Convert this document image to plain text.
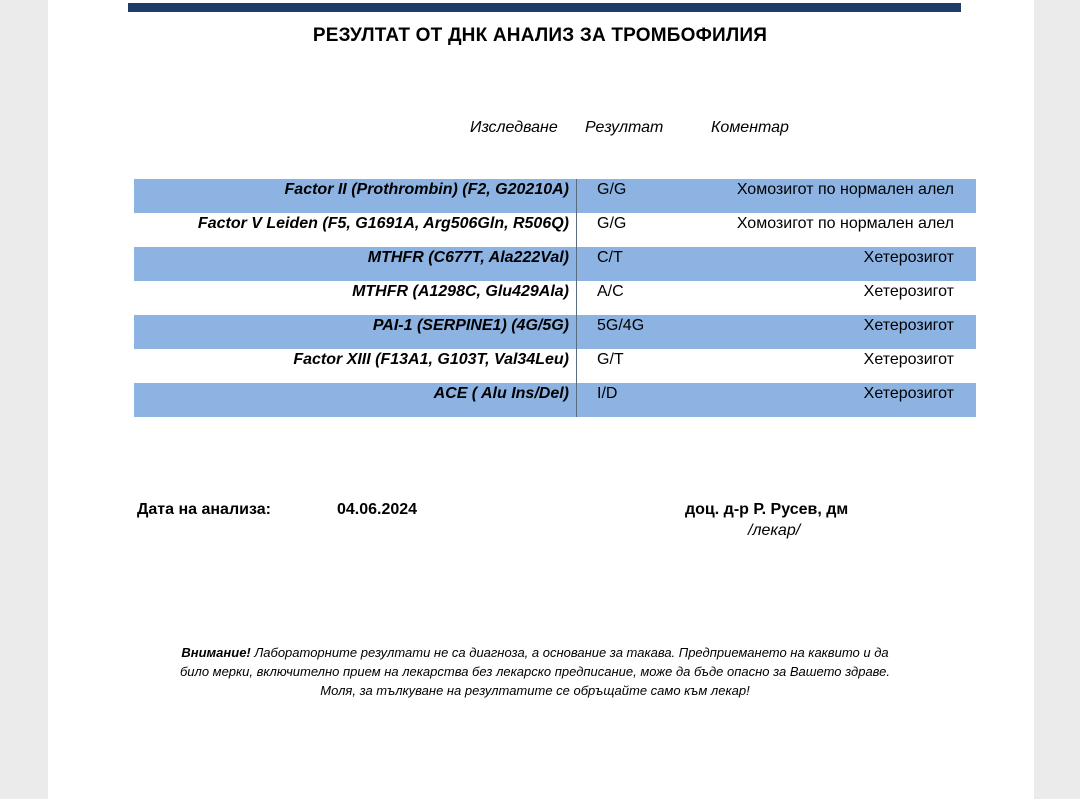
РЕЗУЛТАТ ОТ ДНК АНАЛИЗ ЗА ТРОМБОФИЛИЯ
Изследване Резултат	Коментар
Factor II (Prothrombin) (F2, G20210A) G/G	Хомозигот по нормален алел
Factor V Leiden (F5, G1691A, Arg506Gln, R506Q) G/G	Хомозигот по нормален алел
MTHFR (C677T, Ala222Val) C/T	Хетерозигот
MTHFR (A1298C, Glu429Ala) A/C	Хетерозигот
PAI-1 (SERPINE1) (4G/5G) 5G/4G	Хетерозигот
Factor XIII (F13A1, G103T, Val34Leu) G/T	Хетерозигот
ACE ( Alu Ins/Del) I/D	Хетерозигот
Дата на анализа:	04.06.2024	доц. д-р Р. Русев, дм
/лекар/
Внимание! Лабораторните резултати не са диагноза, а основание за такава. Предприемането на каквито и да
било мерки, включително прием на лекарства без лекарско предписание, може да бъде опасно за Вашето здраве.
Моля, за тълкуване на резултатите се обръщайте само към лекар!
